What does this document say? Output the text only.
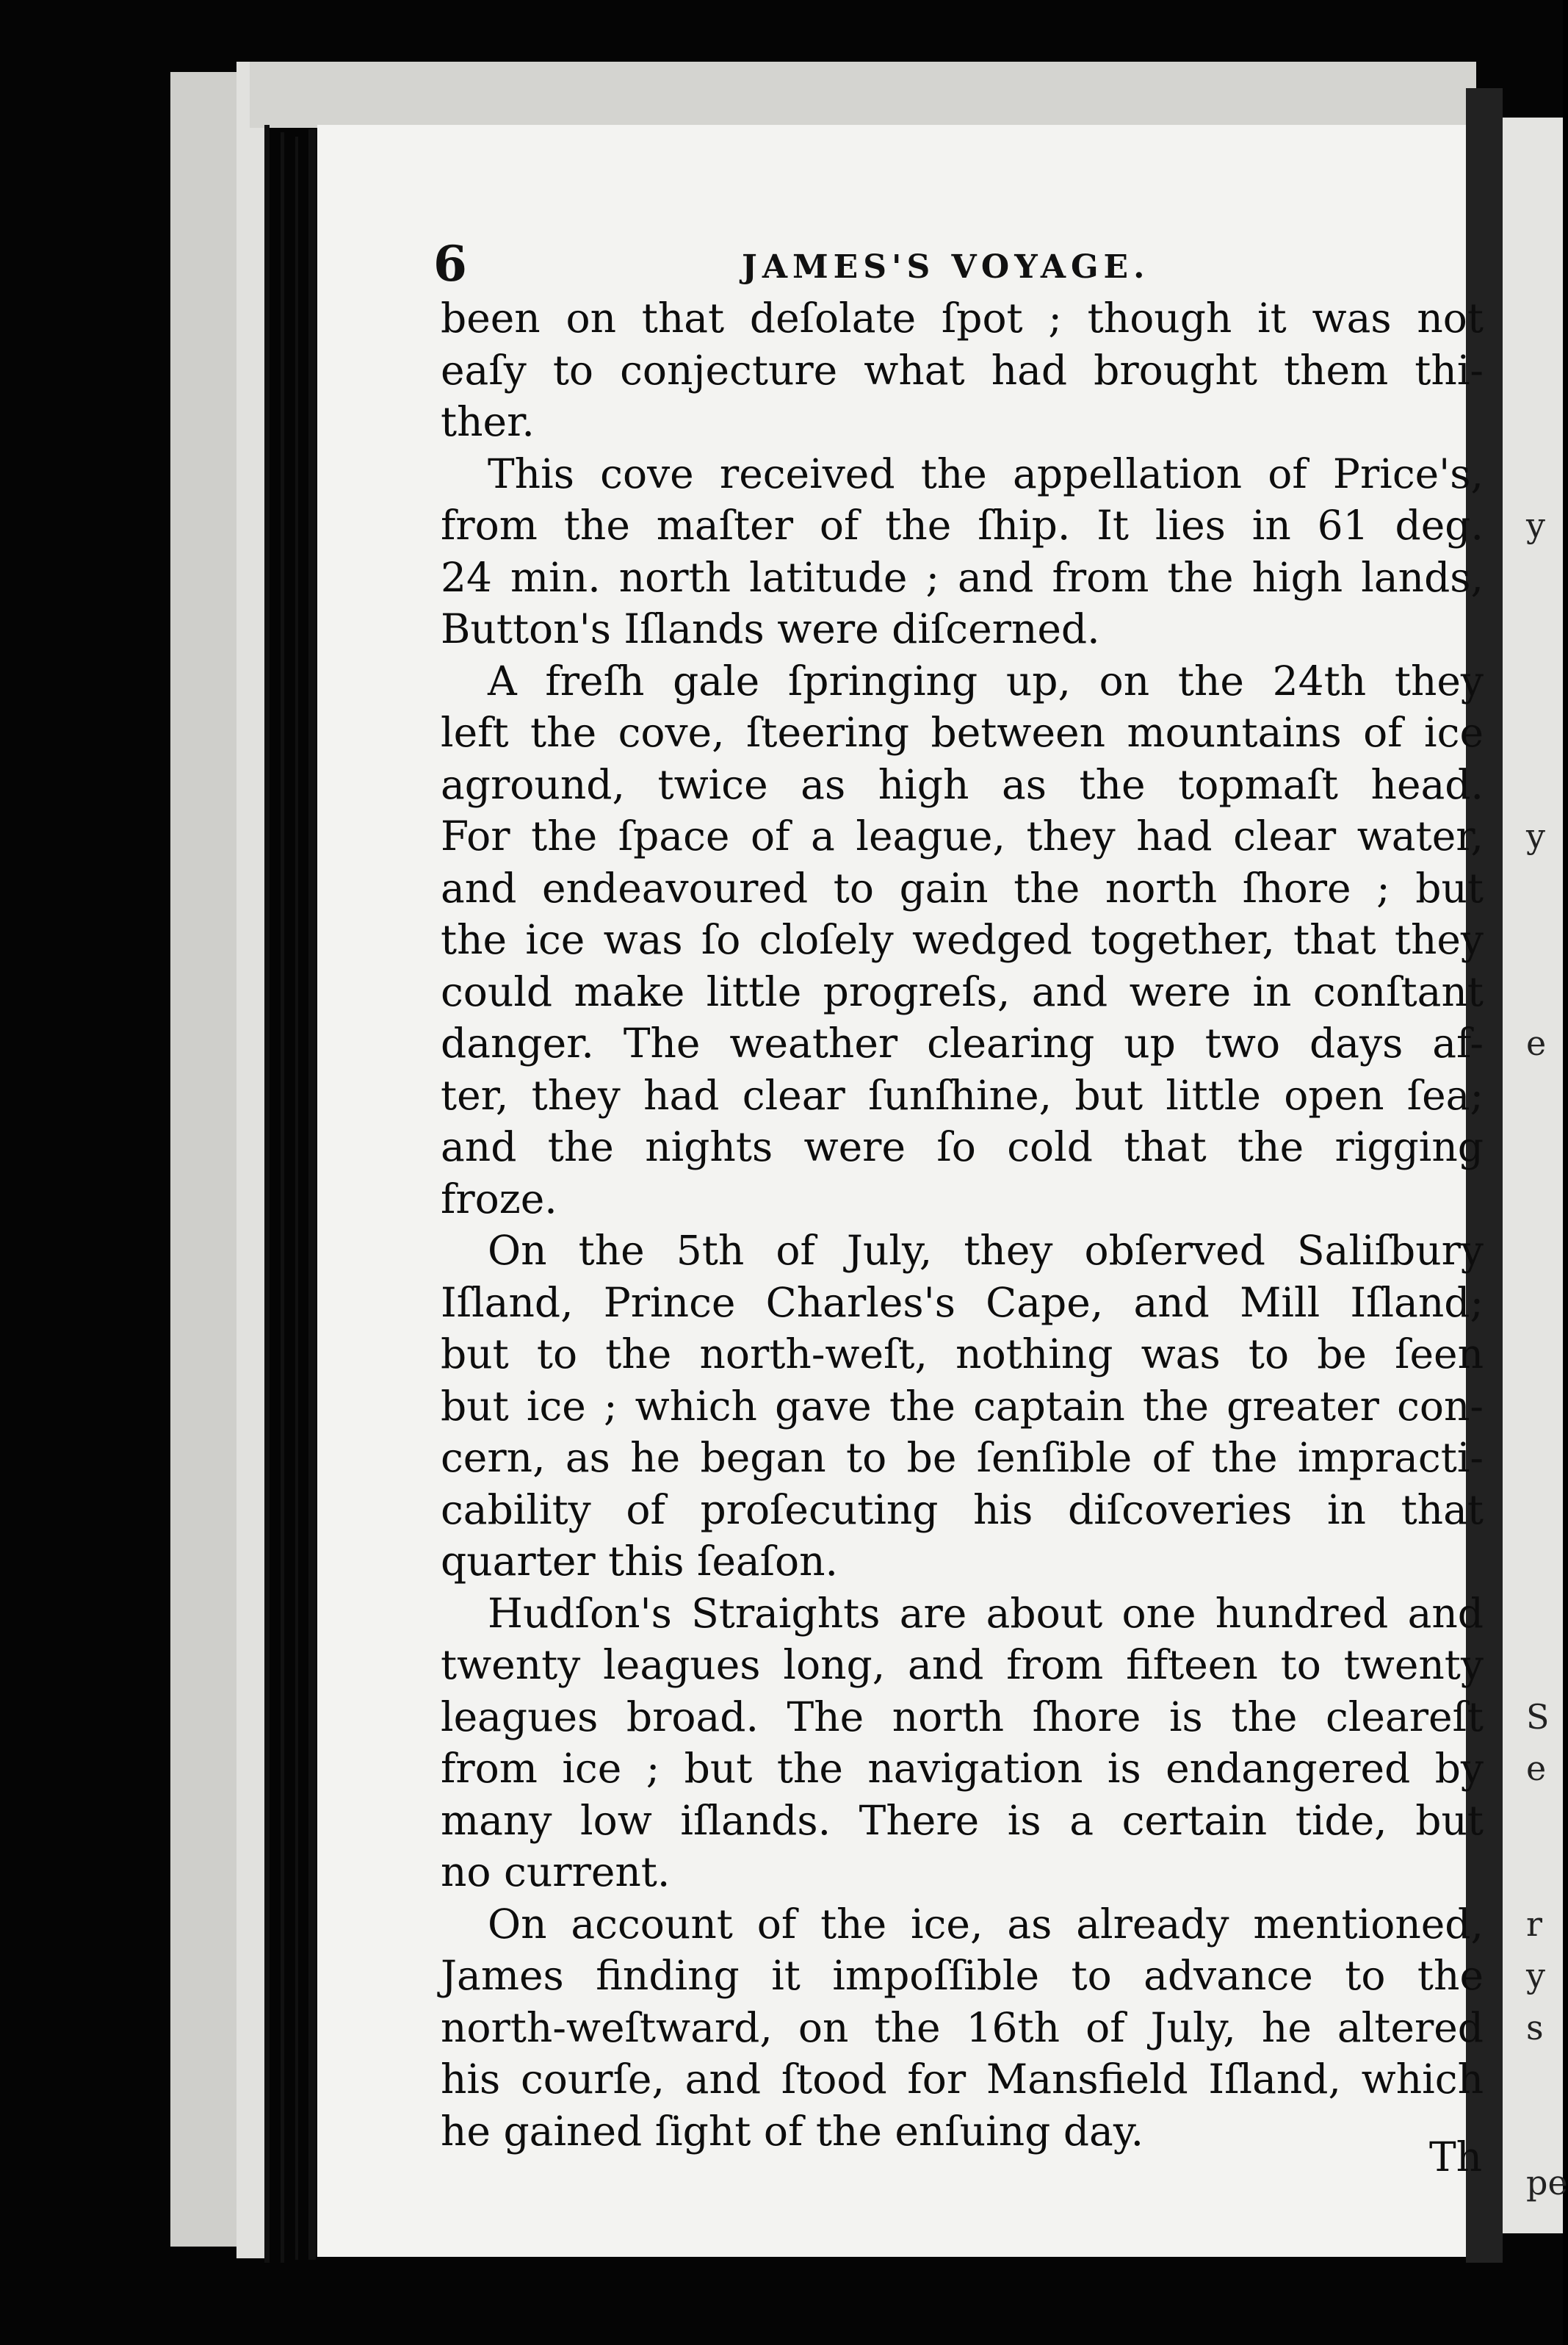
6	JAMES'S VOYAGE.
been on that deſolate ſpot ; though it was not
eaſy to conjecture what had brought them thi-
ther.
This cove received the appellation of Price's,
from the maſter of the ſhip. It lies in 61 deg.
24 min. north latitude ; and from the high lands,
Button's Iſlands were diſcerned.
A freſh gale ſpringing up, on the 24th they
left the cove, ſteering between mountains of ice
aground, twice as high as the topmaſt head.
For the ſpace of a league, they had clear water,
and endeavoured to gain the north ſhore ; but
the ice was ſo cloſely wedged together, that they
could make little progreſs, and were in conſtant
danger. The weather clearing up two days af-
ter, they had clear ſunſhine, but little open ſea;
and the nights were ſo cold that the rigging
froze.
On the 5th of July, they obſerved Saliſbury
Iſland, Prince Charles's Cape, and Mill Iſland;
but to the north-weſt, nothing was to be ſeen
but ice ; which gave the captain the greater con-
cern, as he began to be ſenſible of the impracti-
cability of proſecuting his diſcoveries in that
quarter this ſeaſon.
Hudſon's Straights are about one hundred and
twenty leagues long, and from fifteen to twenty
leagues broad. The north ſhore is the cleareſt
from ice ; but the navigation is endangered by
many low iſlands. There is a certain tide, but
no current.
On account of the ice, as already mentioned,
James finding it impoſſible to advance to the
north-weſtward, on the 16th of July, he altered
his courſe, and ſtood for Mansfield Iſland, which
he gained ſight of the enſuing day.
Th
y
y
e
S
e
r
y
s
pe
